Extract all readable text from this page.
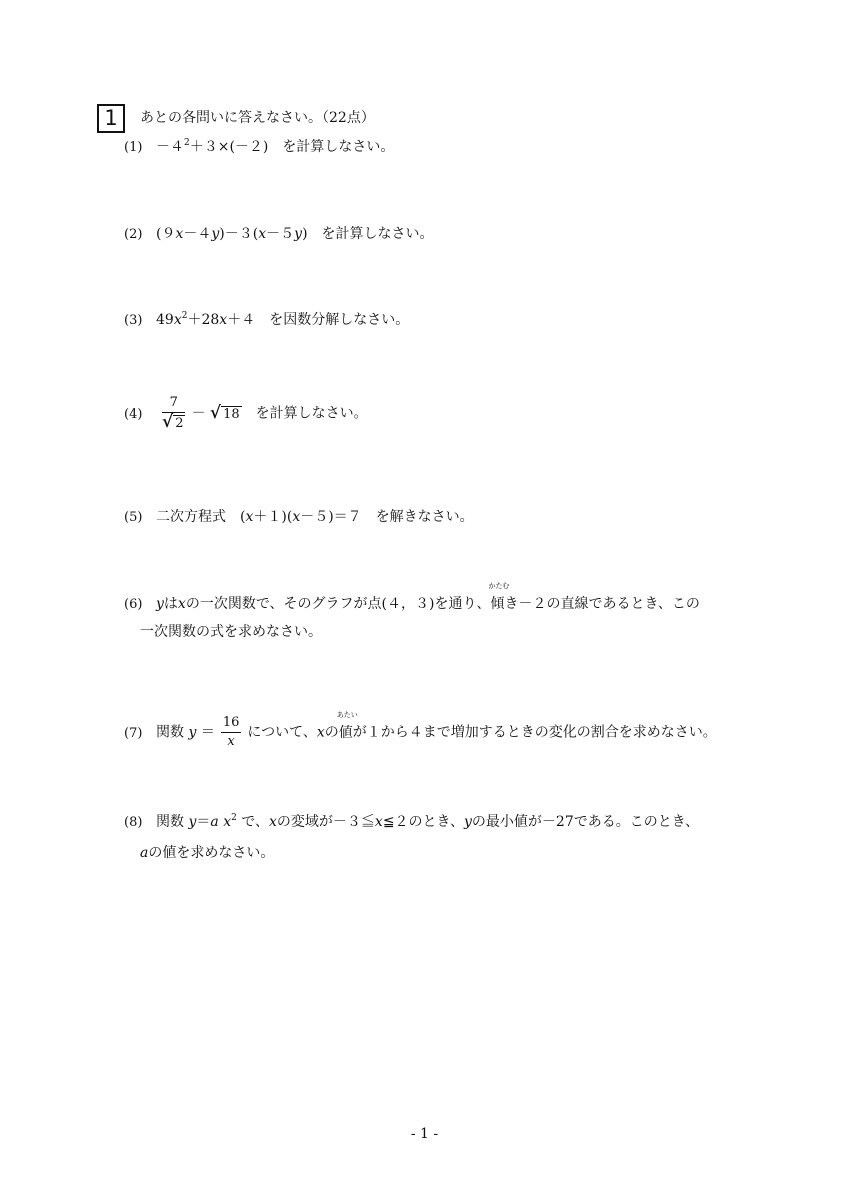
1	あとの各問いに答えなさい。（22点）
$(1) -4^2+3\times(-2)$ を計算しなさい。
(2) (９x－４y)－３(x－５y) を計算しなさい。
(3) $49x^2+28x+4$ を因数分解しなさい。
$(4) \frac{7}{√ 2}$ － √ 18 を計算しなさい。
(5) 二次方程式 (x＋１)(x－５)＝７ を解きなさい。
(6) yはxの一次関数で、そのグラフが点(４，３)を通り、
かたむ
傾き－２の直線であるとき、この
一次関数の式を求めなさい。
(7) 関数 $y = \frac{16}{x}$ について、xの
あたい
値が１から４まで増加するときの変化の割合を求めなさい。
(8) 関数 y＝a $x^2$ で、xの変域が－３≦x≦２のとき、yの最小値が－27である。このとき、
aの値を求めなさい。
- 1 -
